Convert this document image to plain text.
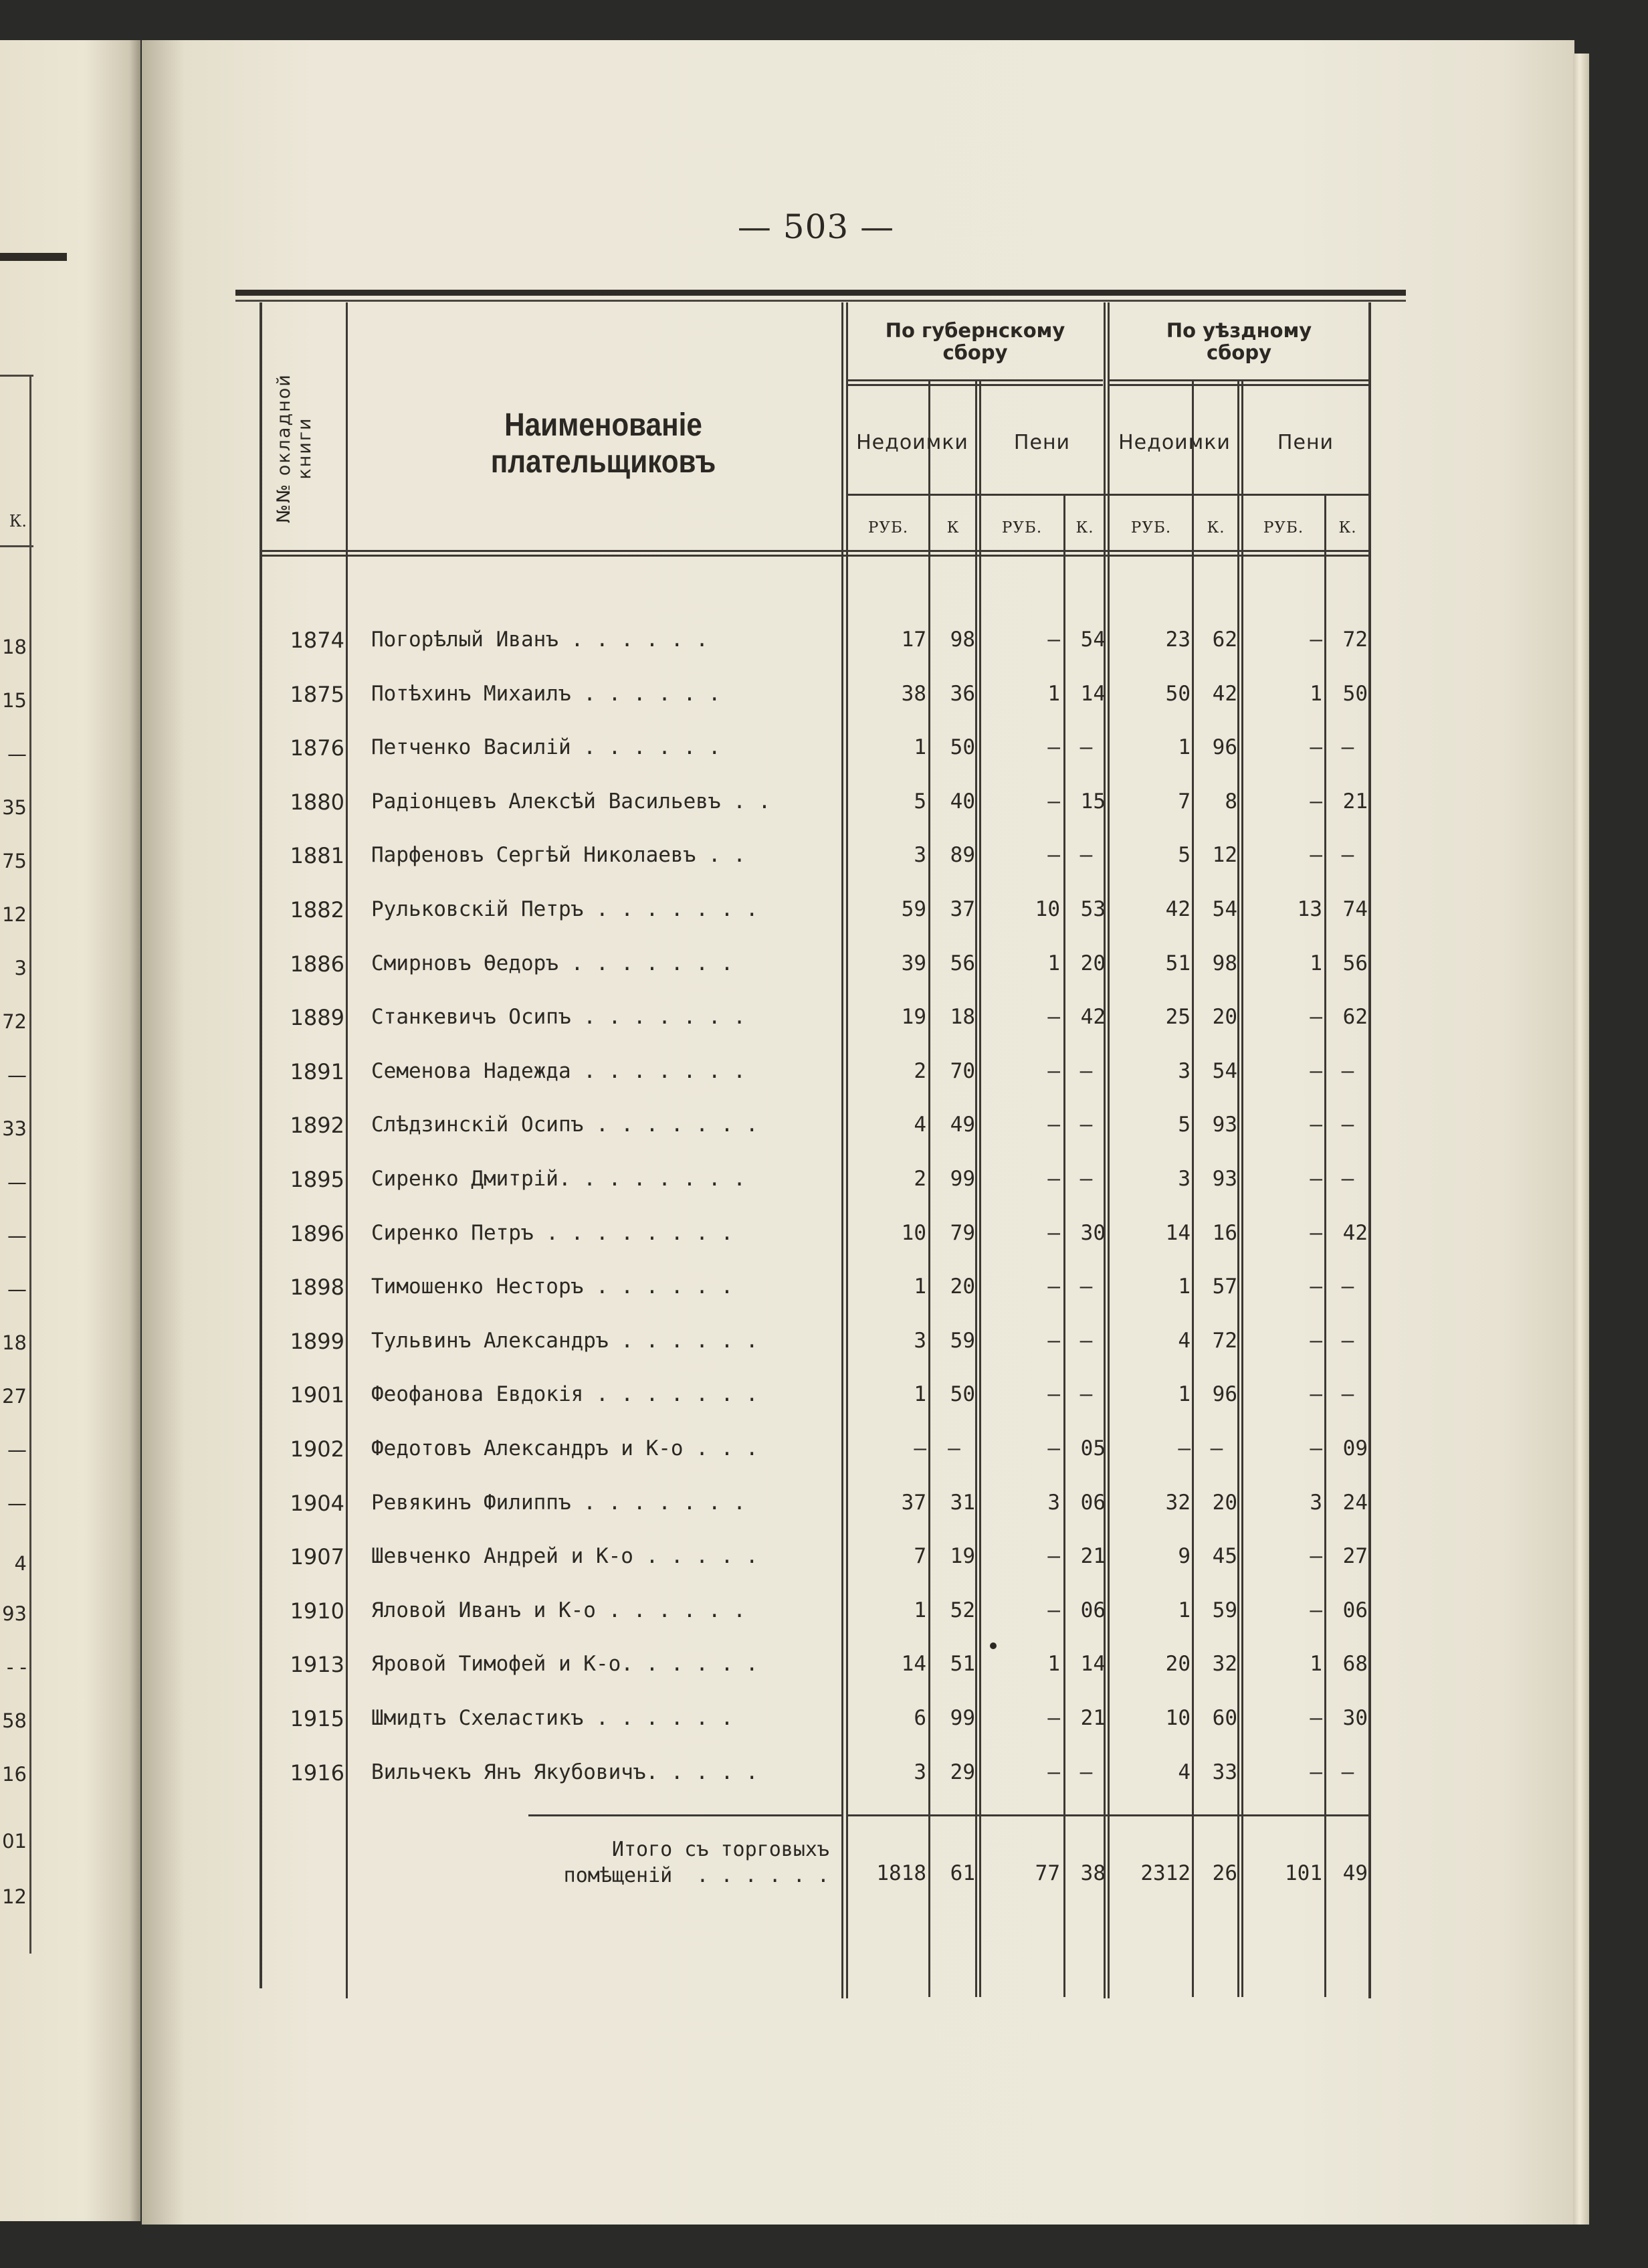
К.
18
15
—
35
75
12
3
72
—
33
—
—
—
18
27
—
—
4
93
- -
58
16
01
12
— 503 —
№№ окладной
книги	Наименованіе плательщиковъ
По губернскому
сбору
По уѣздному
сбору
Недоимки	Пени	Недоимки	Пени
РУБ.	К	РУБ.	К.	РУБ.	К.	РУБ.	К.
1874 Погорѣлый Иванъ . . . . . .	17	98	— 54	23	62	— 72
1875 Потѣхинъ Михаилъ . . . . . .	38	36	1 14	50	42	1 50
1876 Петченко Василій . . . . . .	1	50	— —	1	96	— —
1880 Радіонцевъ Алексѣй Васильевъ . .	5	40	— 15	7	8	— 21
1881 Парфеновъ Сергѣй Николаевъ . .	3	89	— —	5	12	— —
1882 Рульковскій Петръ . . . . . . .	59	37	10 53	42	54	13 74
1886 Смирновъ Өедоръ . . . . . . .	39	56	1 20	51	98	1 56
1889 Станкевичъ Осипъ . . . . . . .	19	18	— 42	25	20	— 62
1891 Семенова Надежда . . . . . . .	2	70	— —	3	54	— —
1892 Слѣдзинскій Осипъ . . . . . . .	4	49	— —	5	93	— —
1895 Сиренко Дмитрій. . . . . . . .	2	99	— —	3	93	— —
1896 Сиренко Петръ . . . . . . . .	10	79	— 30	14	16	— 42
1898 Тимошенко Несторъ . . . . . .	1	20	— —	1	57	— —
1899 Тульвинъ Александръ . . . . . .	3	59	— —	4	72	— —
1901 Феофанова Евдокія . . . . . . .	1	50	— —	1	96	— —
1902 Федотовъ Александръ и К-о . . .	—	—	— 05	— —	— 09
1904 Ревякинъ Филиппъ . . . . . . .	37	31	3 06	32	20	3 24
1907 Шевченко Андрей и К-о . . . . .	7	19	— 21	9	45	— 27
1910 Яловой Иванъ и К-о . . . . . .	1	52	— 06	1	59	— 06
1913 Яровой Тимофей и К-о. . . . . .	14	51	1 14	20	32	1 68
1915 Шмидтъ Схеластикъ . . . . . .	6	99	— 21	10	60	— 30
1916 Вильчекъ Янъ Якубовичъ. . . . .	3	29	— —	4	33	— —
Итого съ торговыхъ
помѣщеній  . . . . . .	1818	61	77 38	2312	26	101 49
